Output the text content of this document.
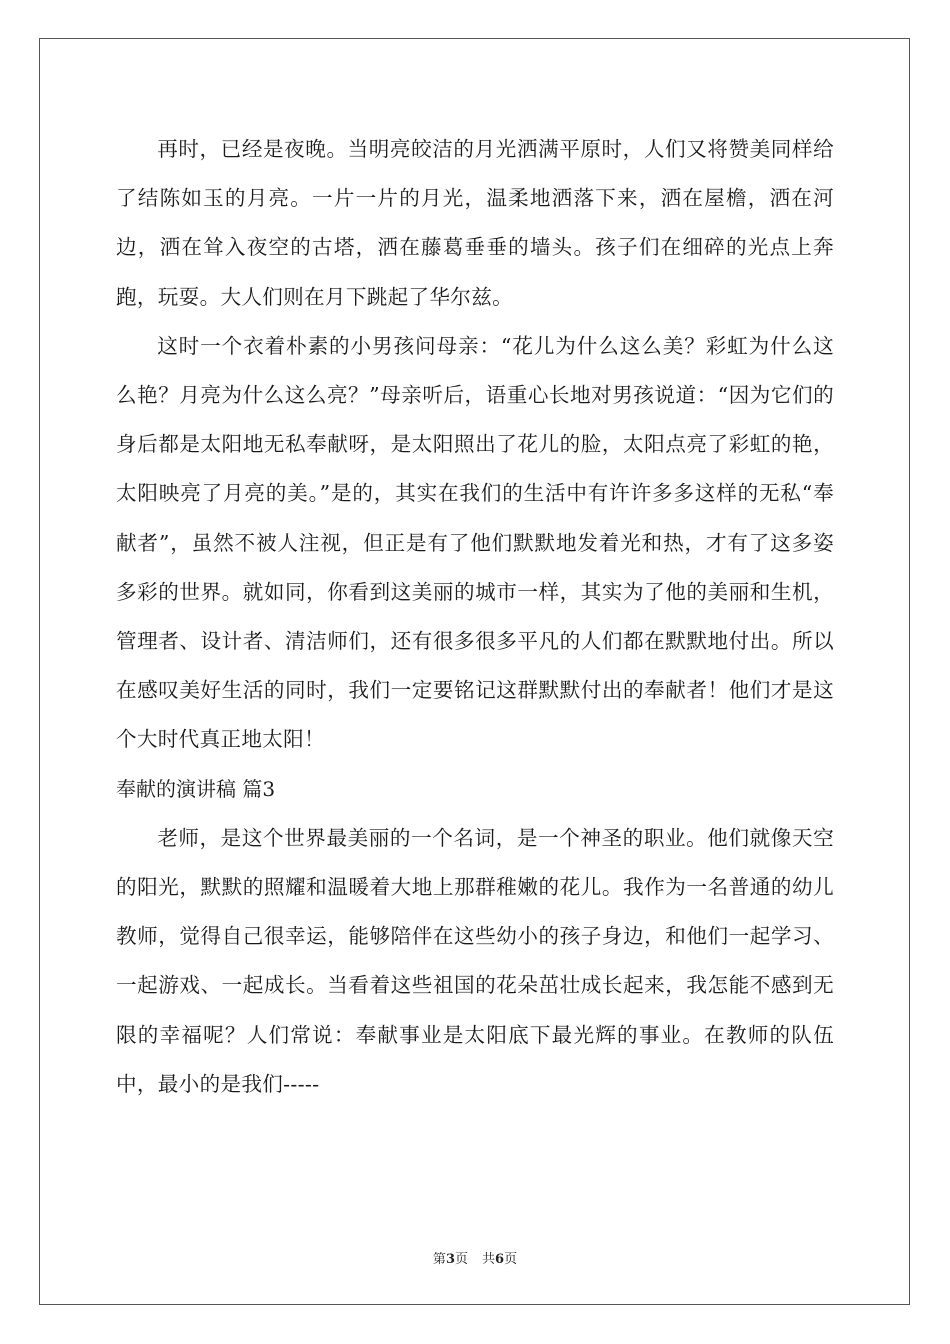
再时，已经是夜晚。当明亮皎洁的月光洒满平原时，人们又将赞美同样给了结陈如玉的月亮。一片一片的月光，温柔地洒落下来，洒在屋檐，洒在河边，洒在耸入夜空的古塔，洒在藤葛垂垂的墙头。孩子们在细碎的光点上奔跑，玩耍。大人们则在月下跳起了华尔兹。

这时一个衣着朴素的小男孩问母亲：“花儿为什么这么美？彩虹为什么这么艳？月亮为什么这么亮？”母亲听后，语重心长地对男孩说道：“因为它们的身后都是太阳地无私奉献呀，是太阳照出了花儿的脸，太阳点亮了彩虹的艳，太阳映亮了月亮的美。”是的，其实在我们的生活中有许许多多这样的无私“奉献者”，虽然不被人注视，但正是有了他们默默地发着光和热，才有了这多姿多彩的世界。就如同，你看到这美丽的城市一样，其实为了他的美丽和生机，管理者、设计者、清洁师们，还有很多很多平凡的人们都在默默地付出。所以在感叹美好生活的同时，我们一定要铭记这群默默付出的奉献者！他们才是这个大时代真正地太阳！

奉献的演讲稿 篇3

老师，是这个世界最美丽的一个名词，是一个神圣的职业。他们就像天空的阳光，默默的照耀和温暖着大地上那群稚嫩的花儿。我作为一名普通的幼儿教师，觉得自己很幸运，能够陪伴在这些幼小的孩子身边，和他们一起学习、一起游戏、一起成长。当看着这些祖国的花朵茁壮成长起来，我怎能不感到无限的幸福呢？人们常说：奉献事业是太阳底下最光辉的事业。在教师的队伍中，最小的是我们-----

第3页 共6页
